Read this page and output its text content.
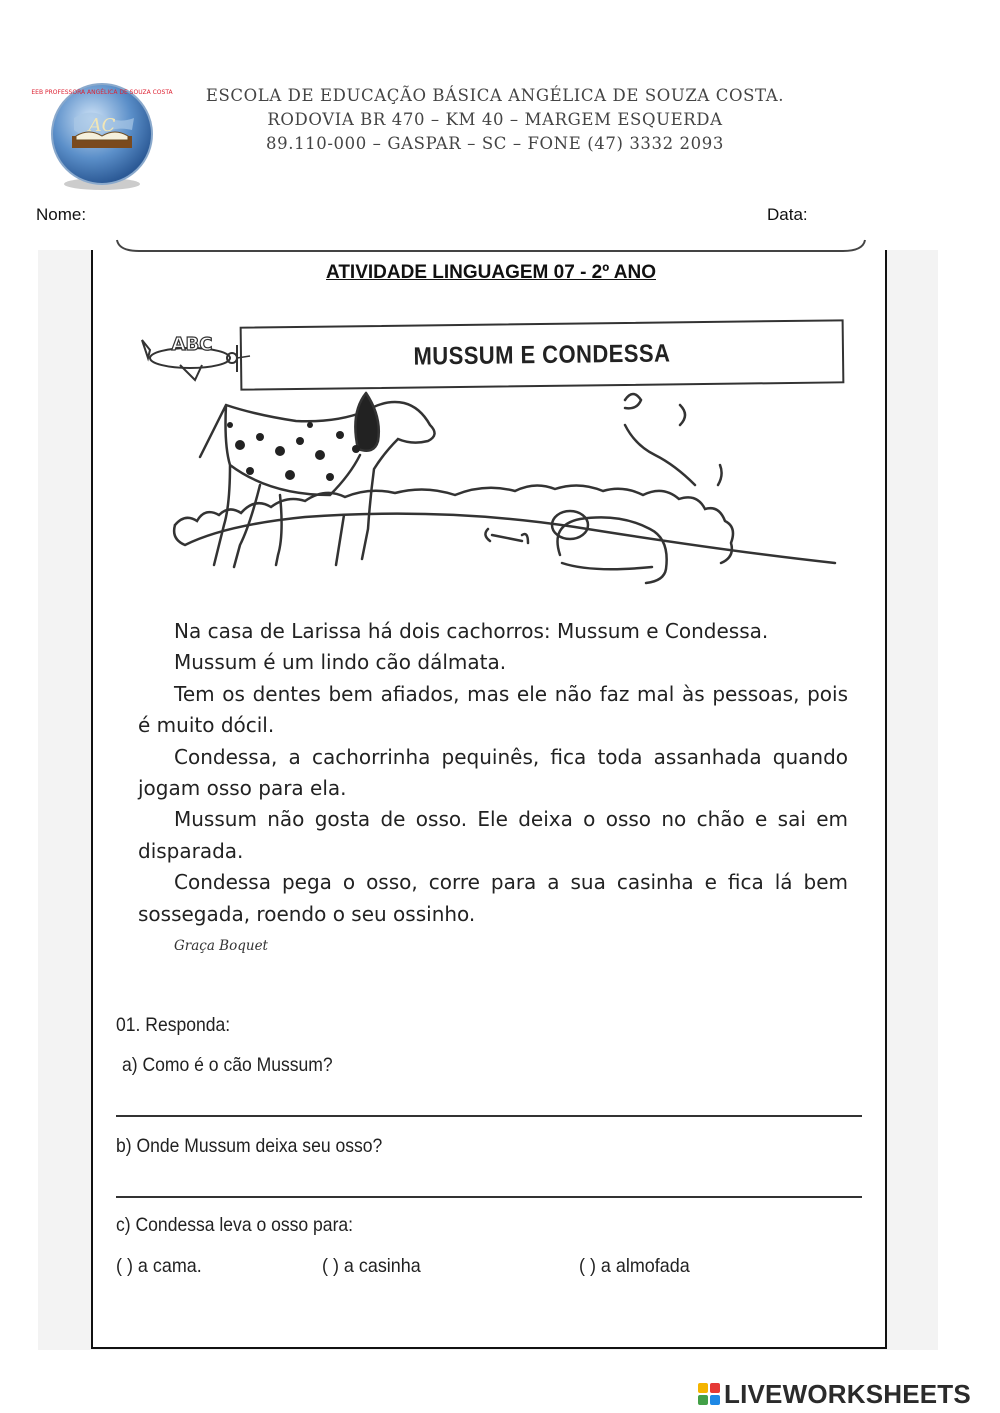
AC
EEB PROFESSORA ANGÉLICA DE SOUZA COSTA	ESCOLA DE EDUCAÇÃO BÁSICA ANGÉLICA DE SOUZA COSTA.
RODOVIA BR 470 – KM 40 – MARGEM ESQUERDA
89.110-000 – GASPAR – SC – FONE (47) 3332 2093
Nome:	Data:
ATIVIDADE LINGUAGEM 07 - 2º ANO
ABC	MUSSUM E CONDESSA

Na casa de Larissa há dois cachorros: Mussum e Condessa.

Mussum é um lindo cão dálmata.

Tem os dentes bem afiados, mas ele não faz mal às pessoas, pois é muito dócil.

Condessa, a cachorrinha pequinês, fica toda assanhada quando jogam osso para ela.

Mussum não gosta de osso. Ele deixa o osso no chão e sai em disparada.

Condessa pega o osso, corre para a sua casinha e fica lá bem sossegada, roendo o seu ossinho.

Graça Boquet
01. Responda:
a) Como é o cão Mussum?
b) Onde Mussum deixa seu osso?
c) Condessa leva o osso para:
( ) a cama.	( ) a casinha	( ) a almofada
LIVEWORKSHEETS
